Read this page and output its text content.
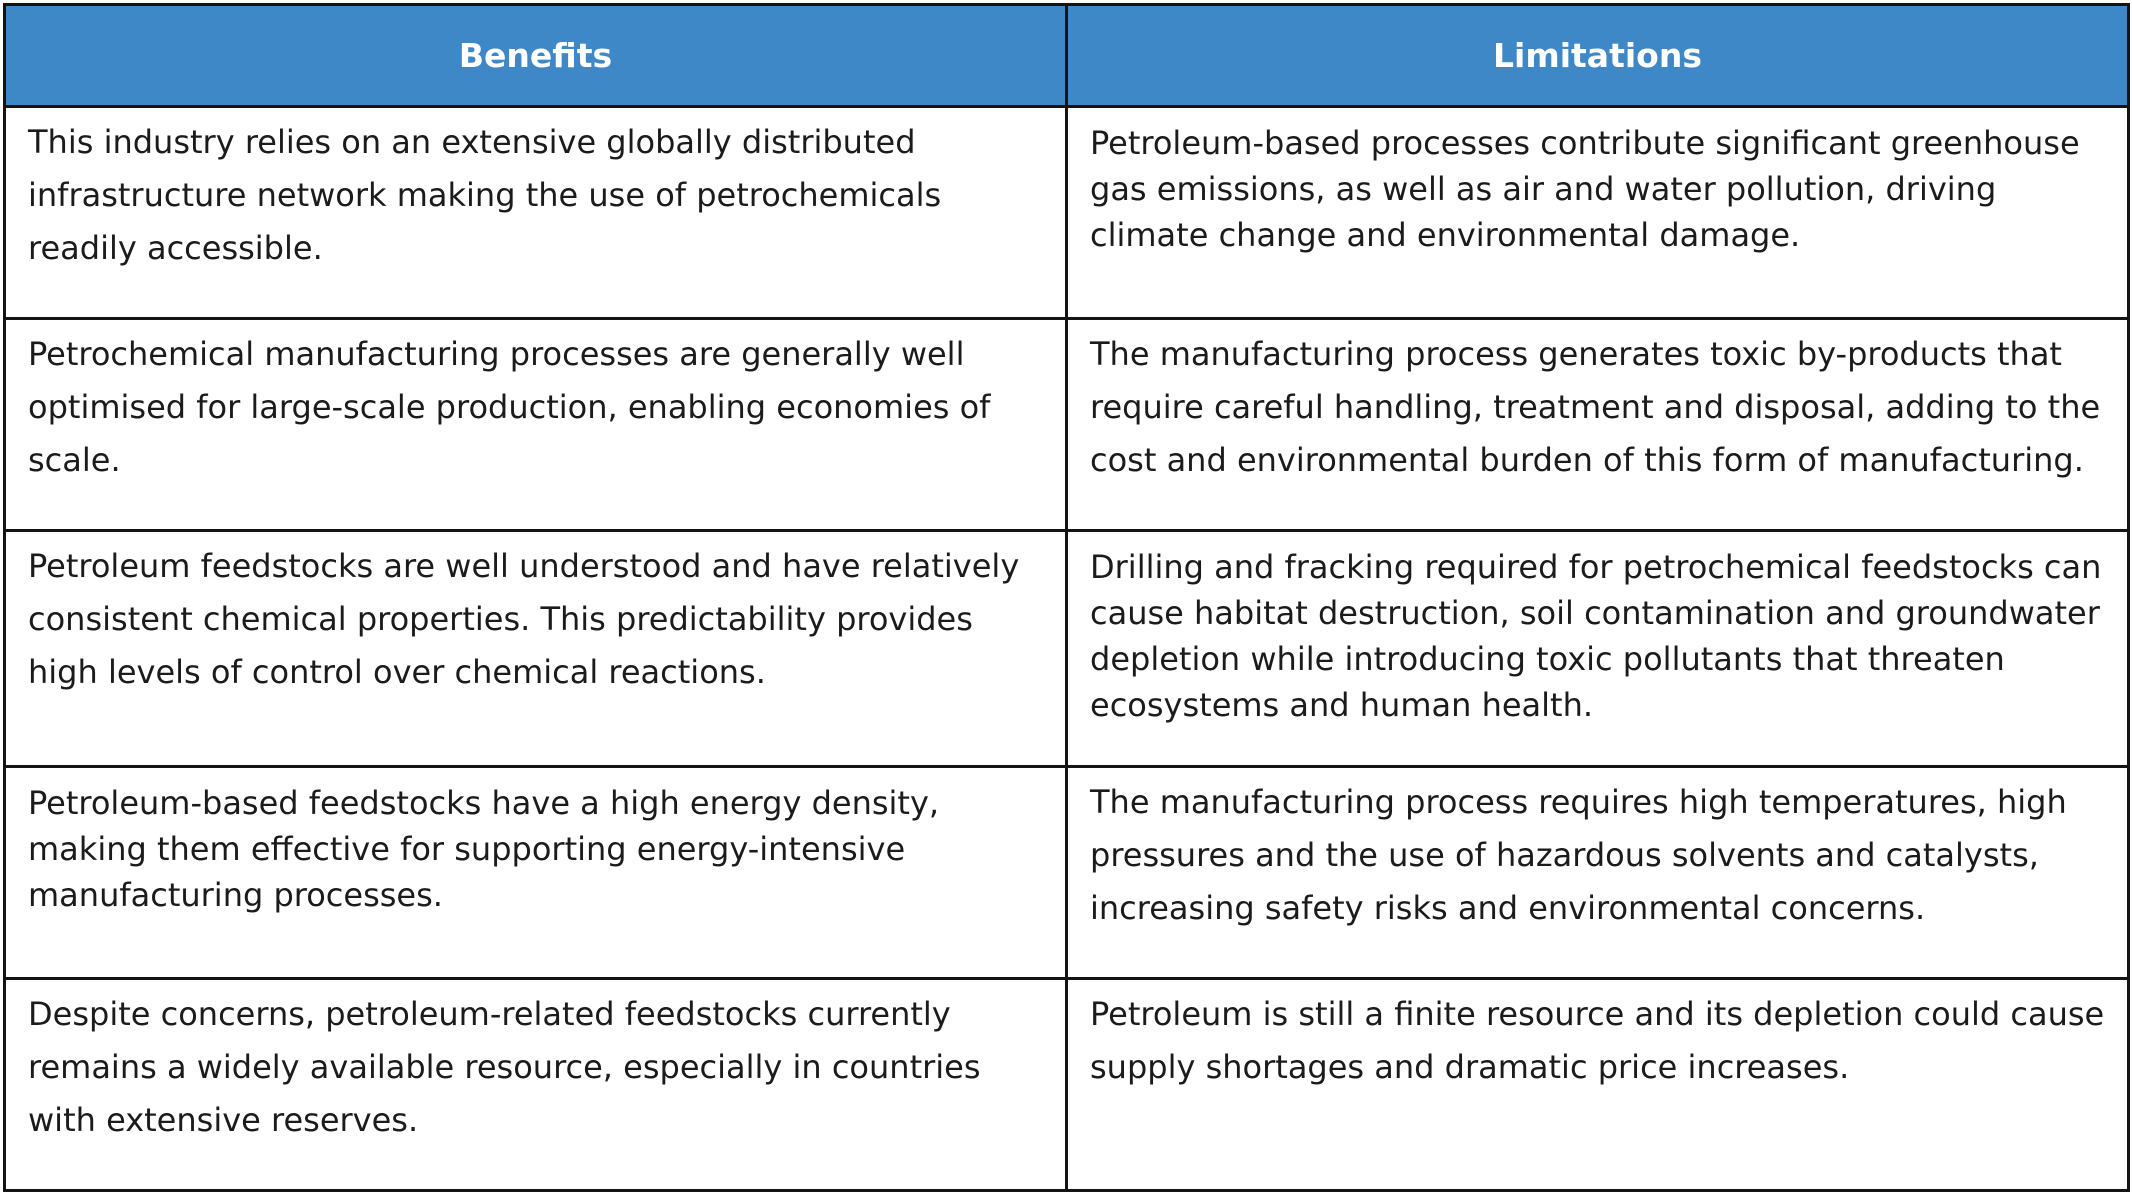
Benefits	Limitations
This industry relies on an extensive globally distributed infrastructure network making the use of petrochemicals readily accessible.	Petroleum-based processes contribute significant greenhouse gas emissions, as well as air and water pollution, driving climate change and environmental damage.
Petrochemical manufacturing processes are generally well optimised for large-scale production, enabling economies of scale.	The manufacturing process generates toxic by-products that require careful handling, treatment and disposal, adding to the cost and environmental burden of this form of manufacturing.
Petroleum feedstocks are well understood and have relatively consistent chemical properties. This predictability provides high levels of control over chemical reactions.	Drilling and fracking required for petrochemical feedstocks can cause habitat destruction, soil contamination and groundwater depletion while introducing toxic pollutants that threaten ecosystems and human health.
Petroleum-based feedstocks have a high energy density, making them effective for supporting energy-intensive manufacturing processes.	The manufacturing process requires high temperatures, high pressures and the use of hazardous solvents and catalysts, increasing safety risks and environmental concerns.
Despite concerns, petroleum-related feedstocks currently remains a widely available resource, especially in countries with extensive reserves.	Petroleum is still a finite resource and its depletion could cause supply shortages and dramatic price increases.
